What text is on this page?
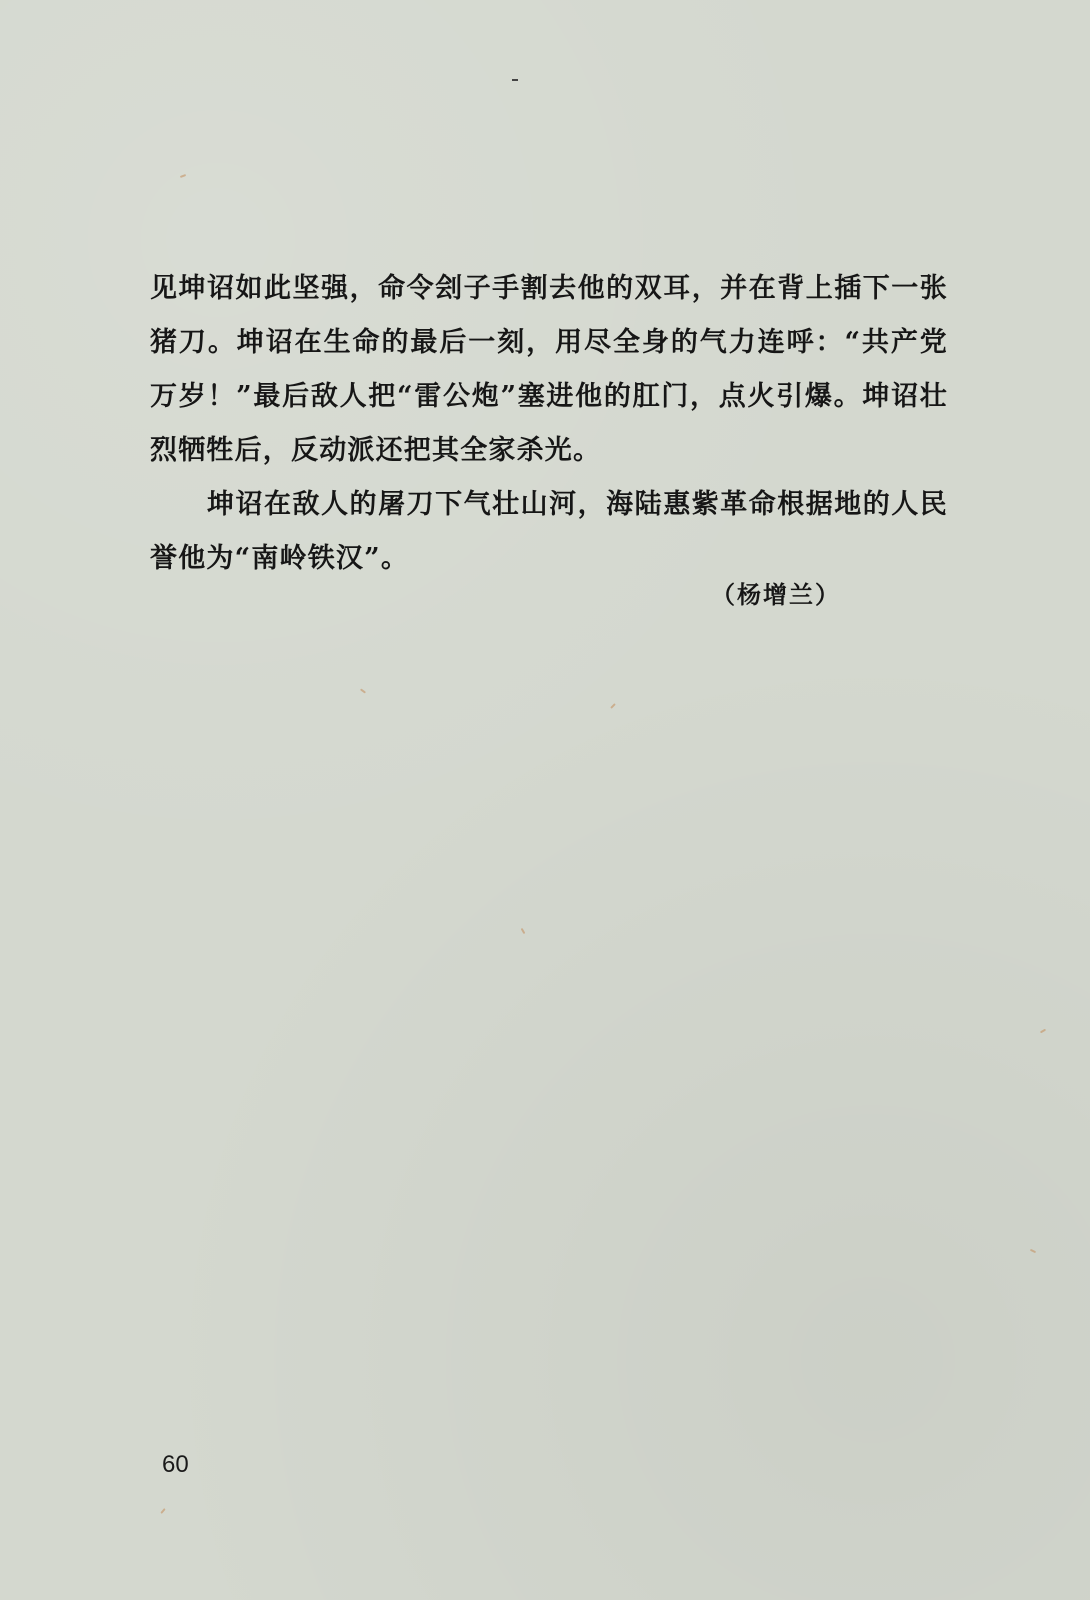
见坤诏如此坚强，命令刽子手割去他的双耳，并在背上插下一张猪刀。坤诏在生命的最后一刻，用尽全身的气力连呼：“共产党万岁！”最后敌人把“雷公炮”塞进他的肛门，点火引爆。坤诏壮烈牺牲后，反动派还把其全家杀光。

坤诏在敌人的屠刀下气壮山河，海陆惠紫革命根据地的人民誉他为“南岭铁汉”。

（杨增兰）
60
